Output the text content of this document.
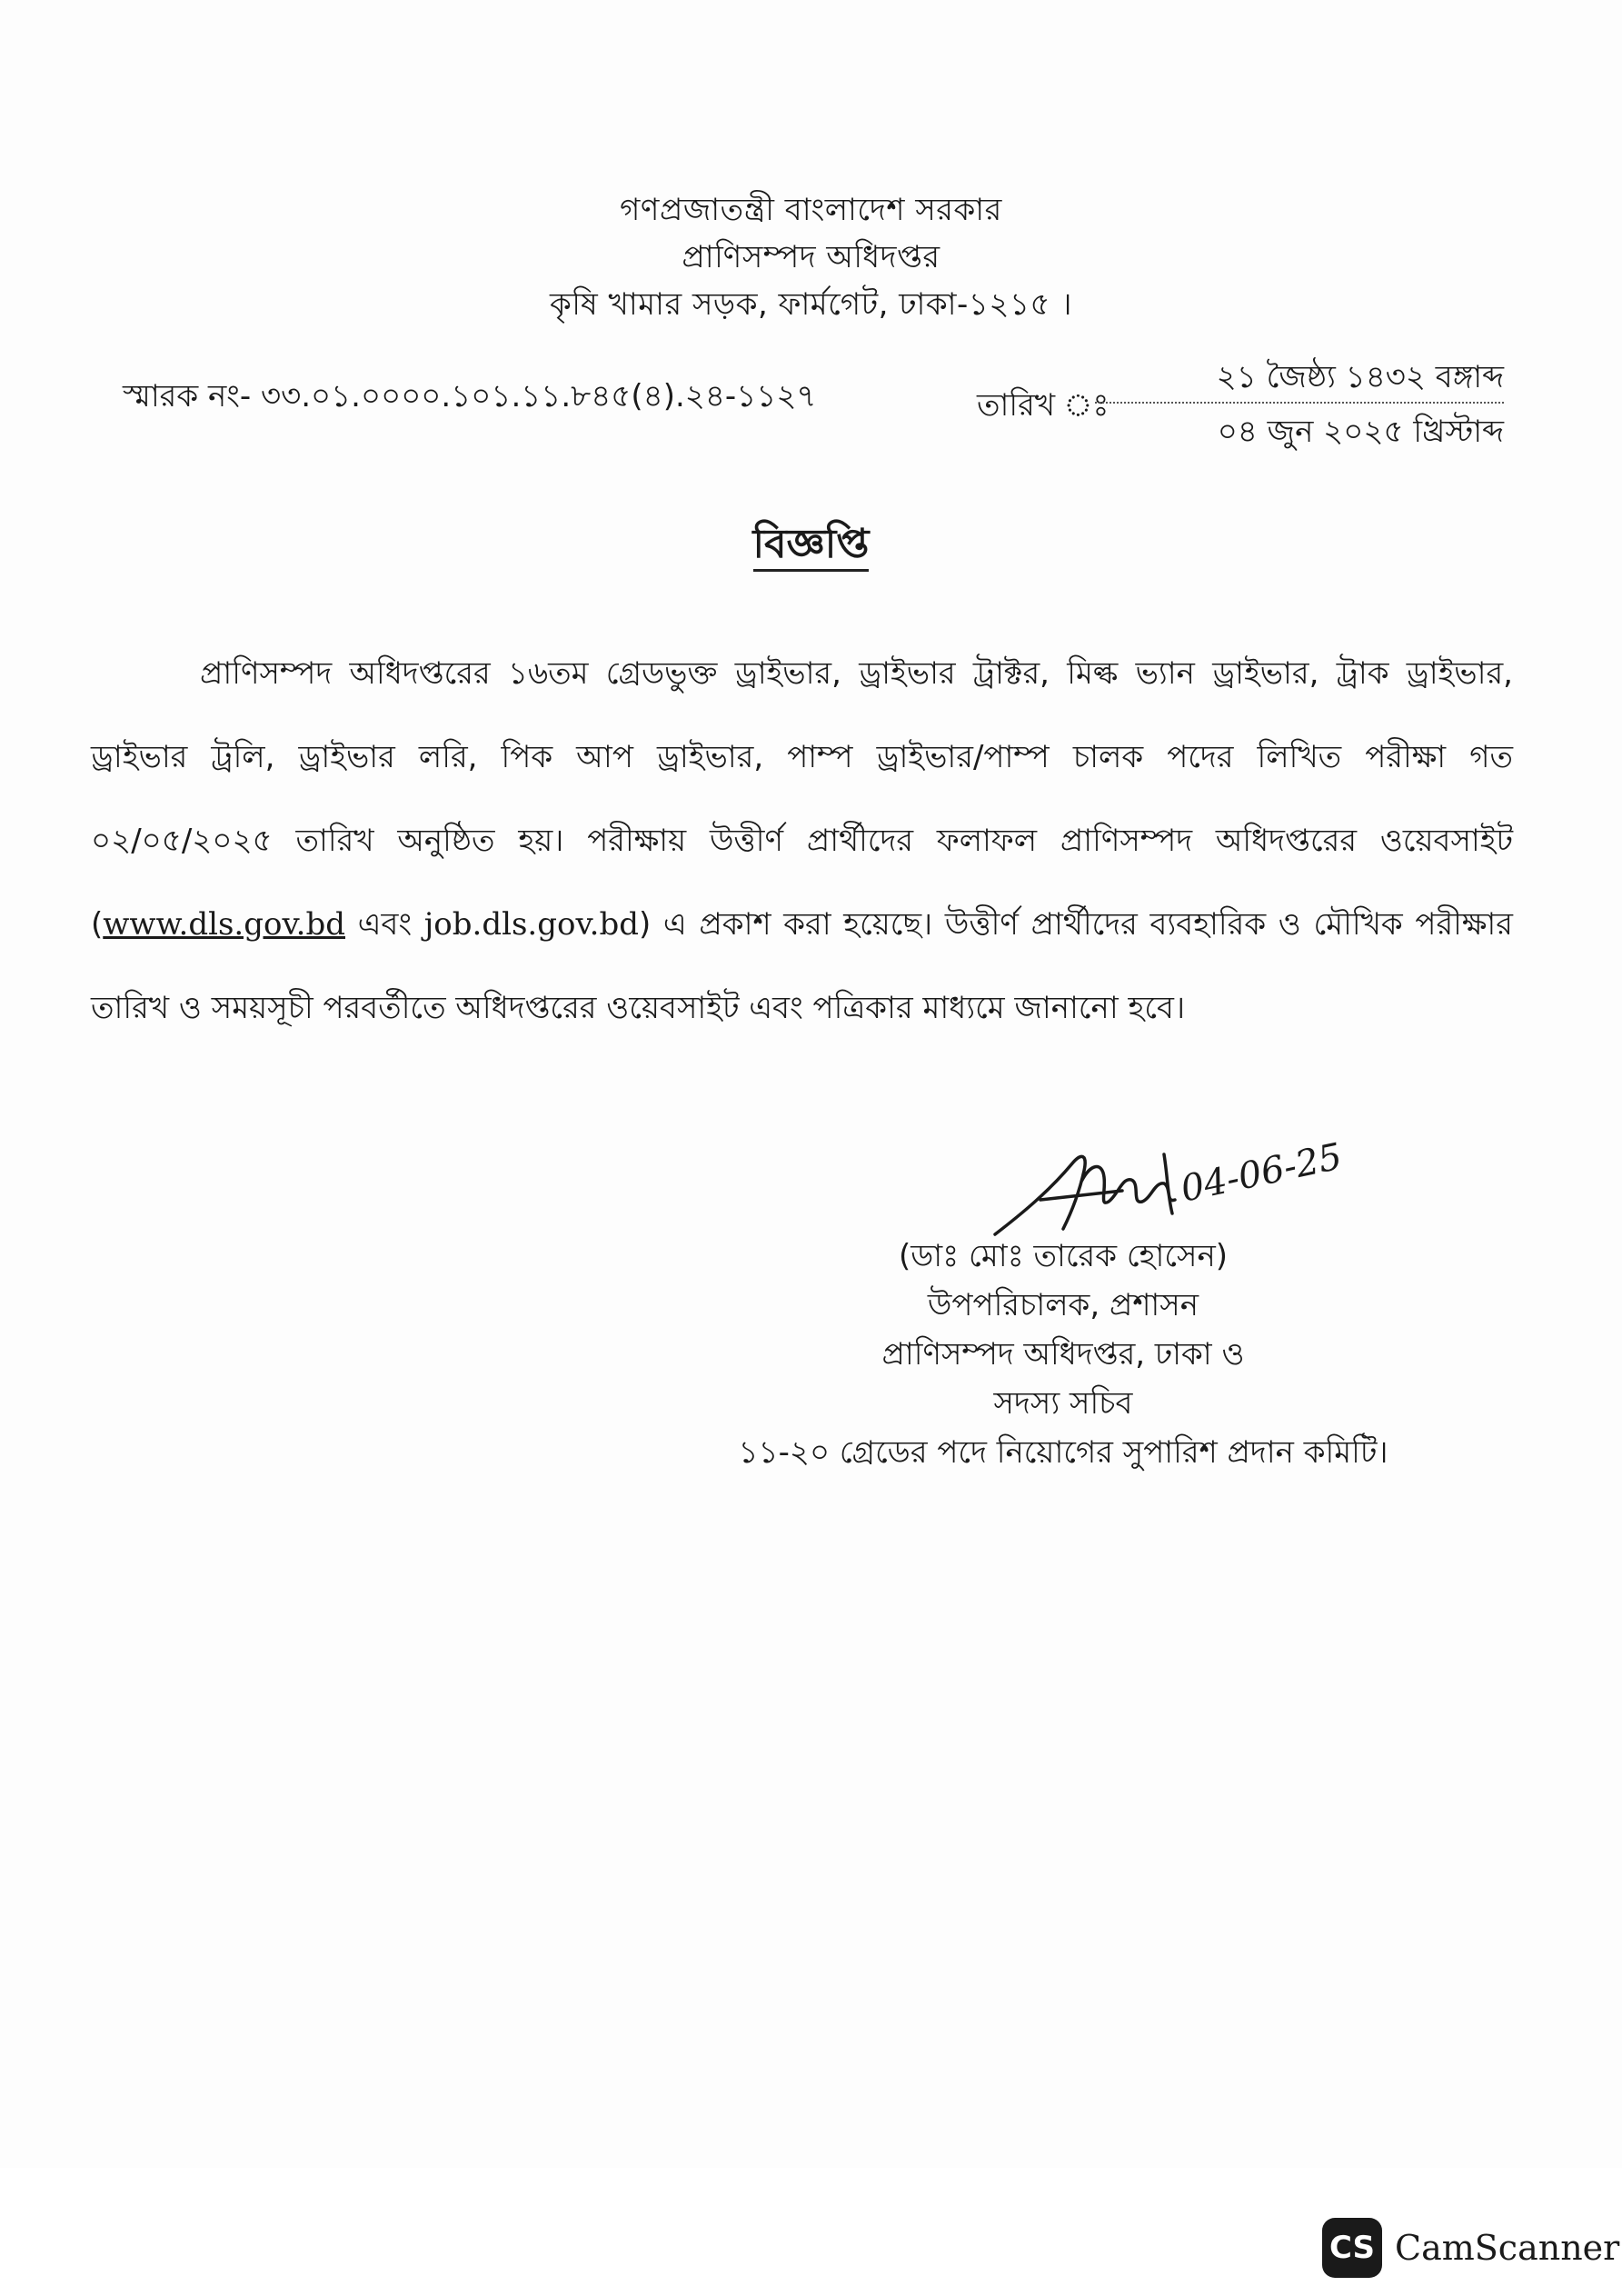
গণপ্রজাতন্ত্রী বাংলাদেশ সরকার
প্রাণিসম্পদ অধিদপ্তর
কৃষি খামার সড়ক, ফার্মগেট, ঢাকা-১২১৫ ।
স্মারক নং- ৩৩.০১.০০০০.১০১.১১.৮৪৫(৪).২৪-১১২৭	তারিখ ঃ
২১ জৈষ্ঠ্য ১৪৩২ বঙ্গাব্দ
০৪ জুন ২০২৫ খ্রিস্টাব্দ
বিজ্ঞপ্তি
প্রাণিসম্পদ অধিদপ্তরের ১৬তম গ্রেডভুক্ত ড্রাইভার, ড্রাইভার ট্রাক্টর, মিল্ক ভ্যান ড্রাইভার, ট্রাক ড্রাইভার, ড্রাইভার ট্রলি, ড্রাইভার লরি, পিক আপ ড্রাইভার, পাম্প ড্রাইভার/পাম্প চালক পদের লিখিত পরীক্ষা গত ০২/০৫/২০২৫ তারিখ অনুষ্ঠিত হয়। পরীক্ষায় উত্তীর্ণ প্রার্থীদের ফলাফল প্রাণিসম্পদ অধিদপ্তরের ওয়েবসাইট (www.dls.gov.bd এবং job.dls.gov.bd) এ প্রকাশ করা হয়েছে। উত্তীর্ণ প্রার্থীদের ব্যবহারিক ও মৌখিক পরীক্ষার তারিখ ও সময়সূচী পরবর্তীতে অধিদপ্তরের ওয়েবসাইট এবং পত্রিকার মাধ্যমে জানানো হবে।
04-06-25
(ডাঃ মোঃ তারেক হোসেন)
উপপরিচালক, প্রশাসন
প্রাণিসম্পদ অধিদপ্তর, ঢাকা ও
সদস্য সচিব
১১-২০ গ্রেডের পদে নিয়োগের সুপারিশ প্রদান কমিটি।
CS CamScanner
